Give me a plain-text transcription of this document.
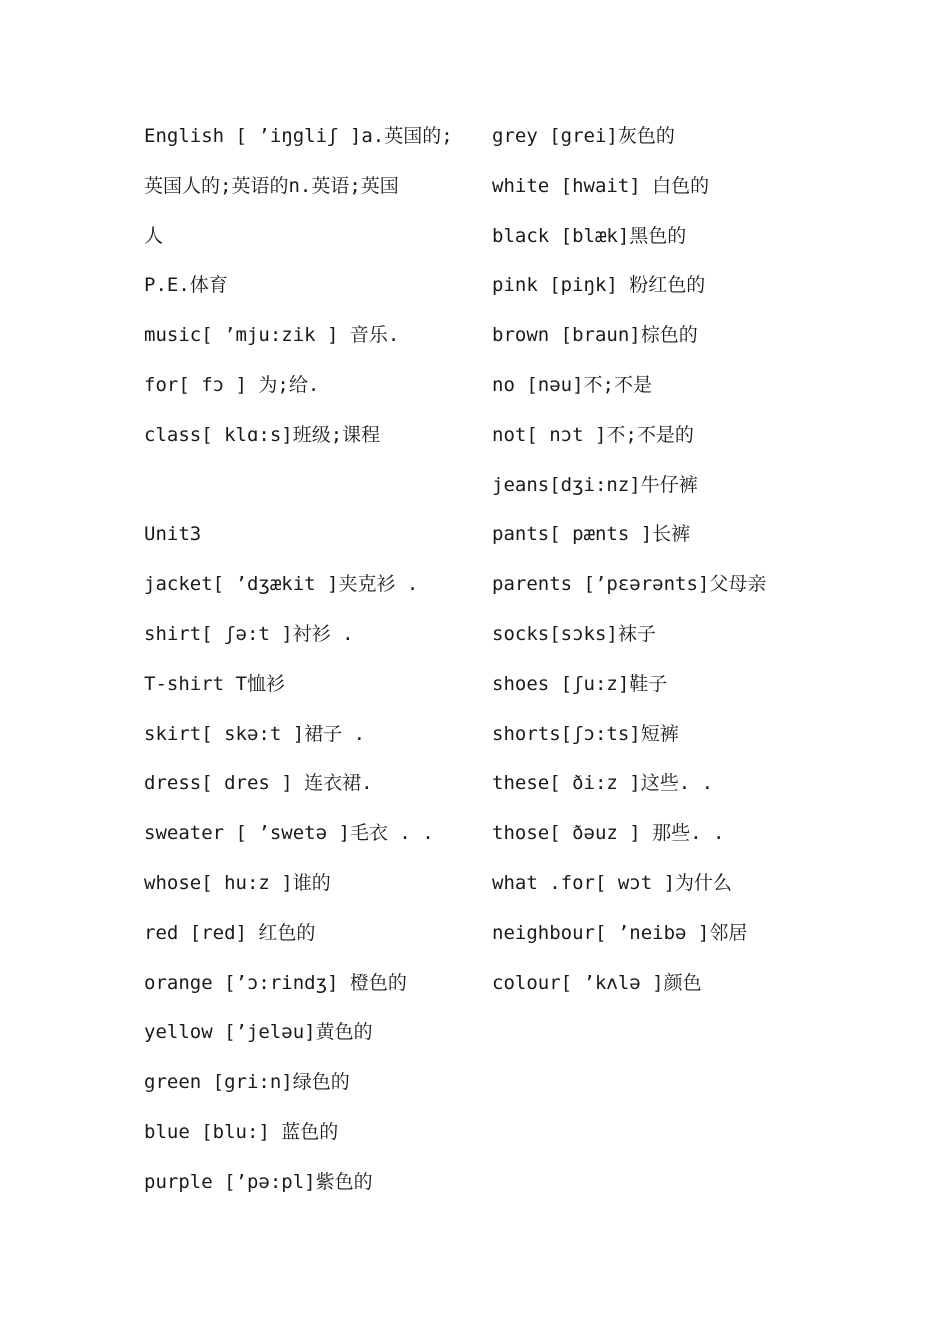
English [ ’iŋgliʃ ]a.英国的;
英国人的;英语的n.英语;英国
人
P.E.体育
music[ ’mju:zik ] 音乐.
for[ fɔ ] 为;给.
class[ klɑ:s]班级;课程
Unit3
jacket[ ’dʒækit ]夹克衫 .
shirt[ ʃə:t ]衬衫 .
T-shirt T恤衫
skirt[ skə:t ]裙子 .
dress[ dres ] 连衣裙.
sweater [ ’swetə ]毛衣 . .
whose[ hu:z ]谁的
red [red] 红色的
orange [’ɔ:rindʒ] 橙色的
yellow [’jeləu]黄色的
green [gri:n]绿色的
blue [blu:] 蓝色的
purple [’pə:pl]紫色的
grey [grei]灰色的
white [hwait] 白色的
black [blæk]黑色的
pink [piŋk] 粉红色的
brown [braun]棕色的
no [nəu]不;不是
not[ nɔt ]不;不是的
jeans[dʒi:nz]牛仔裤
pants[ pænts ]长裤
parents [’pɛərənts]父母亲
socks[sɔks]袜子
shoes [ʃu:z]鞋子
shorts[ʃɔ:ts]短裤
these[ ði:z ]这些. .
those[ ðəuz ] 那些. .
what .for[ wɔt ]为什么
neighbour[ ’neibə ]邻居
colour[ ’kʌlə ]颜色
